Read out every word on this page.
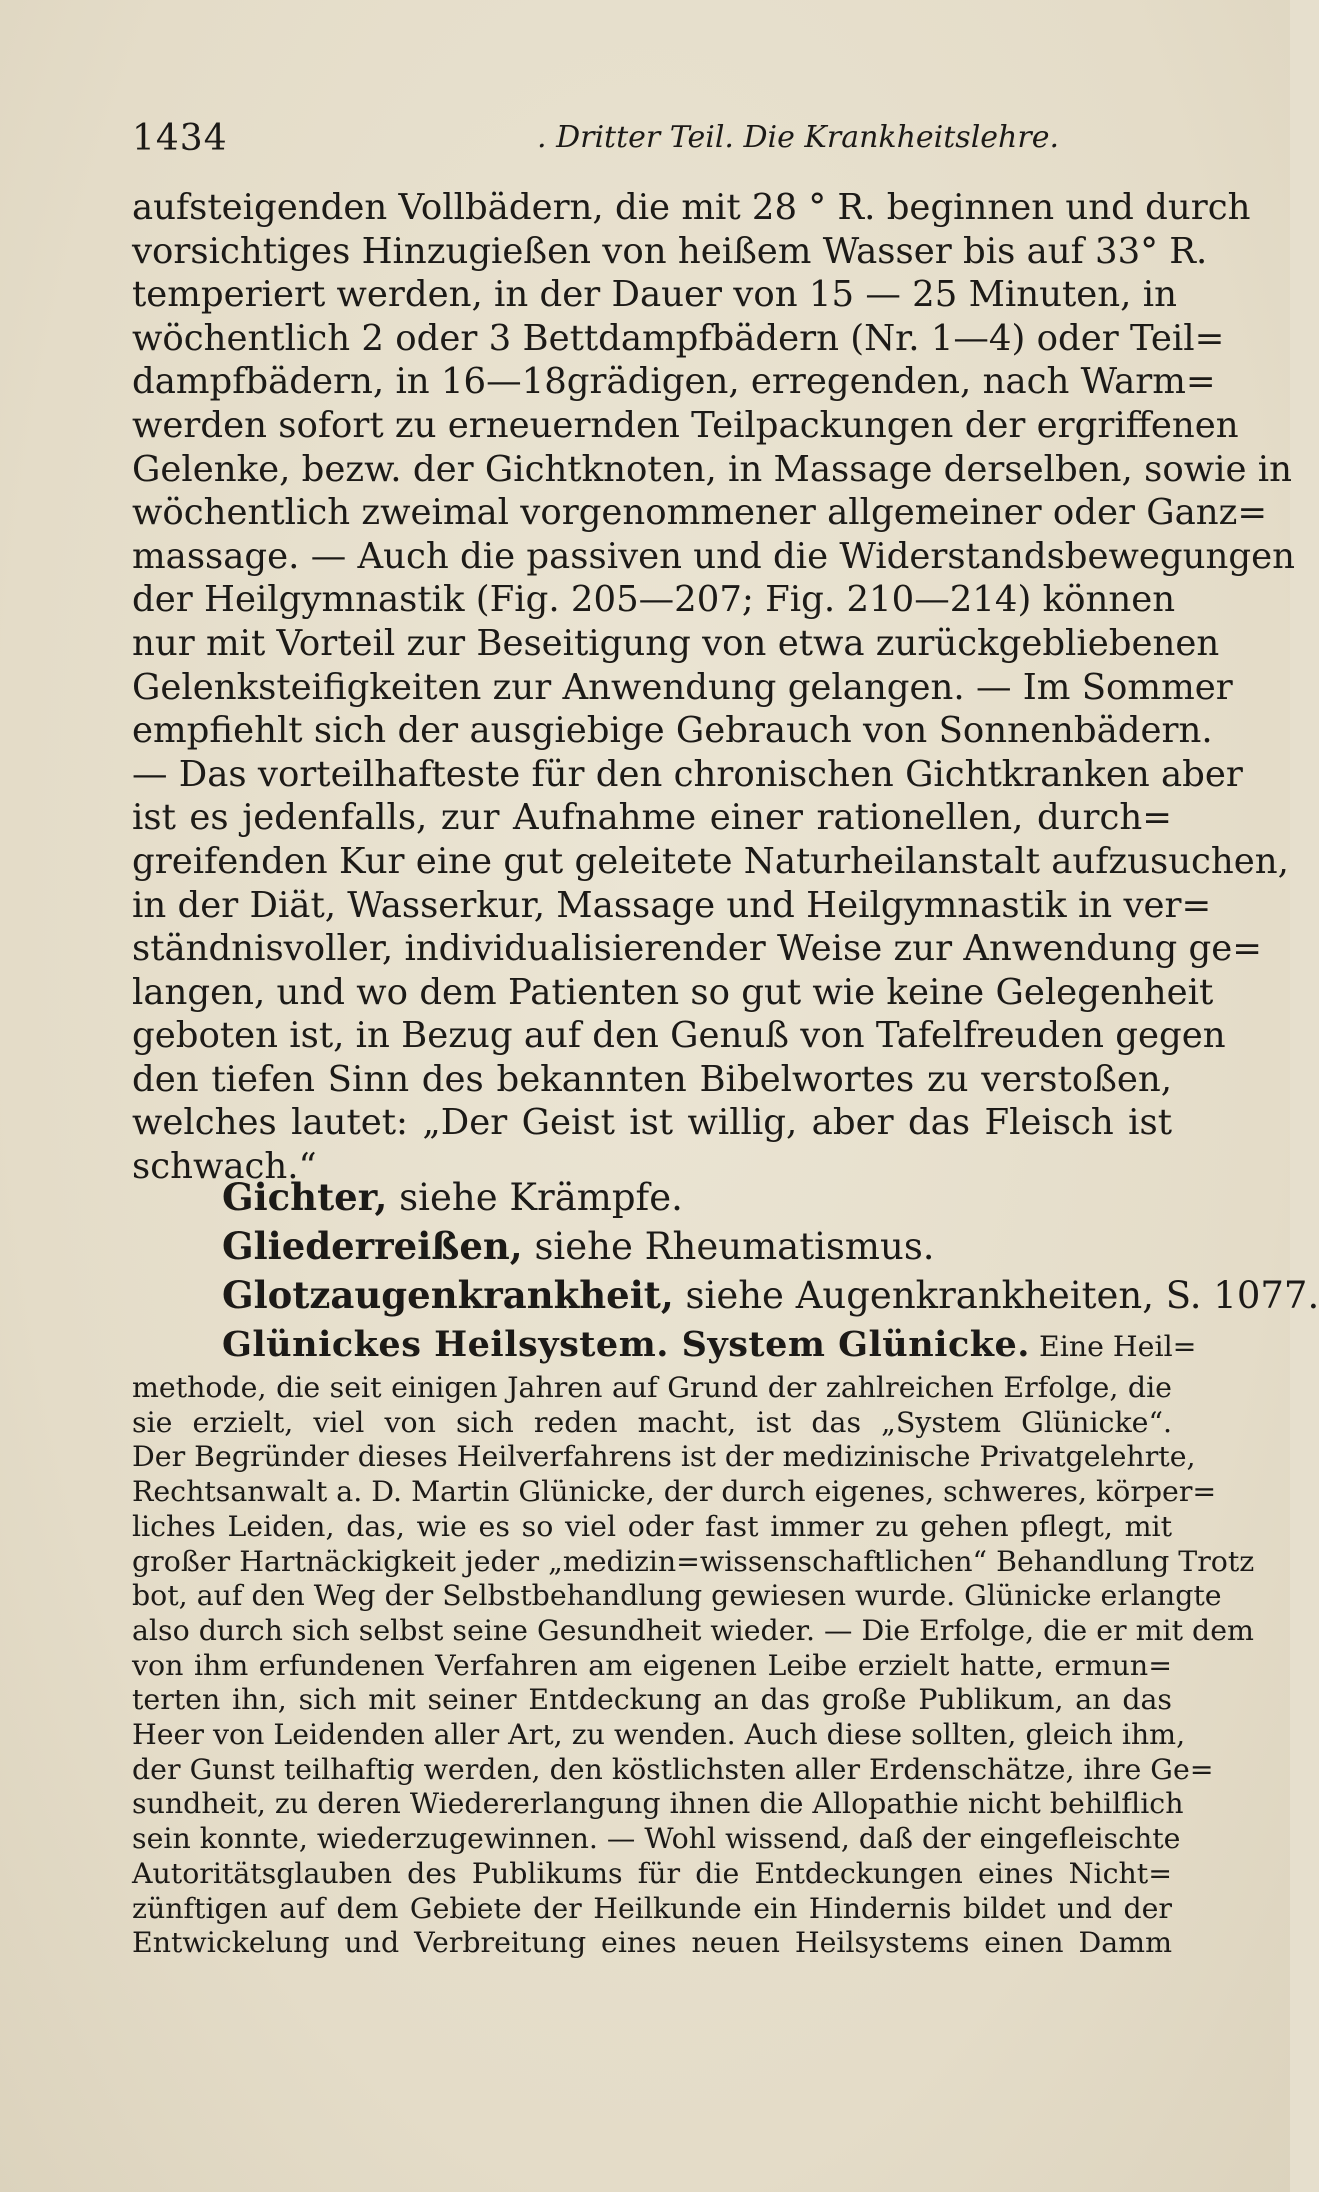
1434	. Dritter Teil. Die Krankheitslehre.

aufsteigenden Vollbädern, die mit 28 ° R. beginnen und durch

vorsichtiges Hinzugießen von heißem Wasser bis auf 33° R.

temperiert werden, in der Dauer von 15 — 25 Minuten, in

wöchentlich 2 oder 3 Bettdampfbädern (Nr. 1—4) oder Teil=

dampfbädern, in 16—18grädigen, erregenden, nach Warm=

werden sofort zu erneuernden Teilpackungen der ergriffenen

Gelenke, bezw. der Gichtknoten, in Massage derselben, sowie in

wöchentlich zweimal vorgenommener allgemeiner oder Ganz=

massage. — Auch die passiven und die Widerstandsbewegungen

der Heilgymnastik (Fig. 205—207; Fig. 210—214) können

nur mit Vorteil zur Beseitigung von etwa zurückgebliebenen

Gelenksteifigkeiten zur Anwendung gelangen. — Im Sommer

empfiehlt sich der ausgiebige Gebrauch von Sonnenbädern.

— Das vorteilhafteste für den chronischen Gichtkranken aber

ist es jedenfalls, zur Aufnahme einer rationellen, durch=

greifenden Kur eine gut geleitete Naturheilanstalt aufzusuchen,

in der Diät, Wasserkur, Massage und Heilgymnastik in ver=

ständnisvoller, individualisierender Weise zur Anwendung ge=

langen, und wo dem Patienten so gut wie keine Gelegenheit

geboten ist, in Bezug auf den Genuß von Tafelfreuden gegen

den tiefen Sinn des bekannten Bibelwortes zu verstoßen,

welches lautet: „Der Geist ist willig, aber das Fleisch ist

schwach.“

Gichter, siehe Krämpfe.

Gliederreißen, siehe Rheumatismus.

Glotzaugenkrankheit, siehe Augenkrankheiten, S. 1077.

Glünickes Heilsystem. System Glünicke. Eine Heil=

methode, die seit einigen Jahren auf Grund der zahlreichen Erfolge, die

sie erzielt, viel von sich reden macht, ist das „System Glünicke“.

Der Begründer dieses Heilverfahrens ist der medizinische Privatgelehrte,

Rechtsanwalt a. D. Martin Glünicke, der durch eigenes, schweres, körper=

liches Leiden, das, wie es so viel oder fast immer zu gehen pflegt, mit

großer Hartnäckigkeit jeder „medizin=wissenschaftlichen“ Behandlung Trotz

bot, auf den Weg der Selbstbehandlung gewiesen wurde. Glünicke erlangte

also durch sich selbst seine Gesundheit wieder. — Die Erfolge, die er mit dem

von ihm erfundenen Verfahren am eigenen Leibe erzielt hatte, ermun=

terten ihn, sich mit seiner Entdeckung an das große Publikum, an das

Heer von Leidenden aller Art, zu wenden. Auch diese sollten, gleich ihm,

der Gunst teilhaftig werden, den köstlichsten aller Erdenschätze, ihre Ge=

sundheit, zu deren Wiedererlangung ihnen die Allopathie nicht behilflich

sein konnte, wiederzugewinnen. — Wohl wissend, daß der eingefleischte

Autoritätsglauben des Publikums für die Entdeckungen eines Nicht=

zünftigen auf dem Gebiete der Heilkunde ein Hindernis bildet und der

Entwickelung und Verbreitung eines neuen Heilsystems einen Damm
